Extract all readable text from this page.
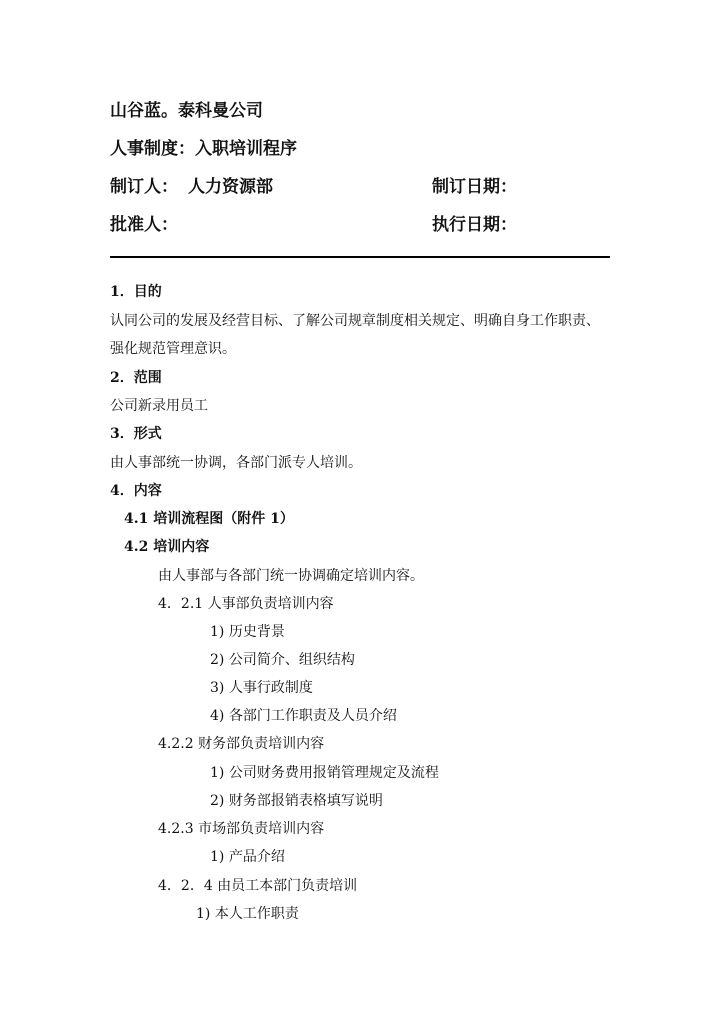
山谷蓝。泰科曼公司
人事制度：入职培训程序
制订人： 人力资源部	制订日期：
批准人：	执行日期：
1．目的
认同公司的发展及经营目标、了解公司规章制度相关规定、明确自身工作职责、
强化规范管理意识。
2．范围
公司新录用员工
3．形式
由人事部统一协调，各部门派专人培训。
4．内容
4.1 培训流程图（附件 1）
4.2 培训内容
由人事部与各部门统一协调确定培训内容。
4．2.1 人事部负责培训内容
1) 历史背景
2) 公司简介、组织结构
3) 人事行政制度
4) 各部门工作职责及人员介绍
4.2.2 财务部负责培训内容
1) 公司财务费用报销管理规定及流程
2) 财务部报销表格填写说明
4.2.3 市场部负责培训内容
1) 产品介绍
4．2．4 由员工本部门负责培训
1) 本人工作职责
